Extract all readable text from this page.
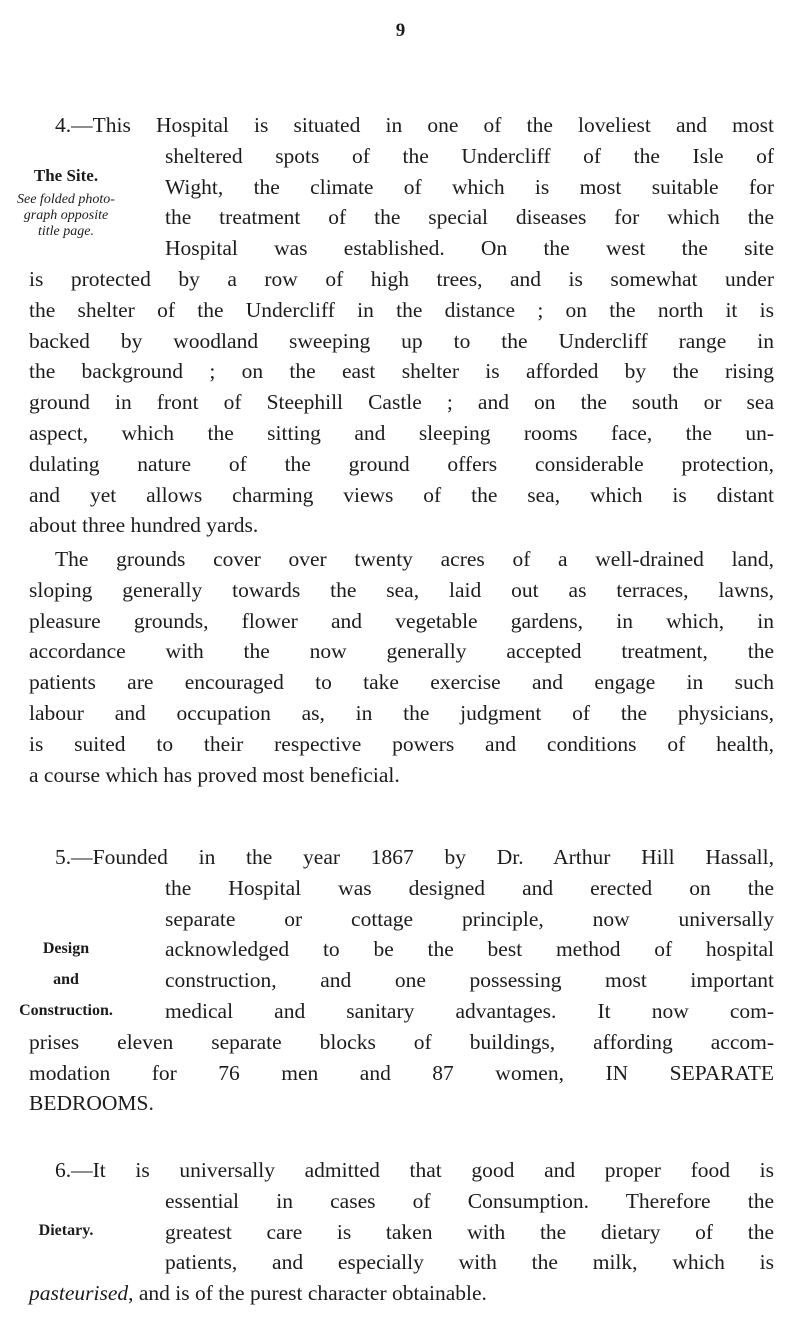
9
4.—This Hospital is situated in one of the loveliest and most
sheltered spots of the Undercliff of the Isle of
Wight, the climate of which is most suitable for
the treatment of the special diseases for which the
Hospital was established. On the west the site
is protected by a row of high trees, and is somewhat under
the shelter of the Undercliff in the distance ; on the north it is
backed by woodland sweeping up to the Undercliff range in
the background ; on the east shelter is afforded by the rising
ground in front of Steephill Castle ; and on the south or sea
aspect, which the sitting and sleeping rooms face, the un-
dulating nature of the ground offers considerable protection,
and yet allows charming views of the sea, which is distant
about three hundred yards.
The Site.
See folded photo-
graph opposite
title page.
The grounds cover over twenty acres of a well-drained land,
sloping generally towards the sea, laid out as terraces, lawns,
pleasure grounds, flower and vegetable gardens, in which, in
accordance with the now generally accepted treatment, the
patients are encouraged to take exercise and engage in such
labour and occupation as, in the judgment of the physicians,
is suited to their respective powers and conditions of health,
a course which has proved most beneficial.
5.—Founded in the year 1867 by Dr. Arthur Hill Hassall,
the Hospital was designed and erected on the
separate or cottage principle, now universally
acknowledged to be the best method of hospital
construction, and one possessing most important
medical and sanitary advantages. It now com-
prises eleven separate blocks of buildings, affording accom-
modation for 76 men and 87 women, IN SEPARATE
BEDROOMS.
Design
and
Construction.
6.—It is universally admitted that good and proper food is
essential in cases of Consumption. Therefore the
greatest care is taken with the dietary of the
patients, and especially with the milk, which is
pasteurised, and is of the purest character obtainable.
Dietary.
